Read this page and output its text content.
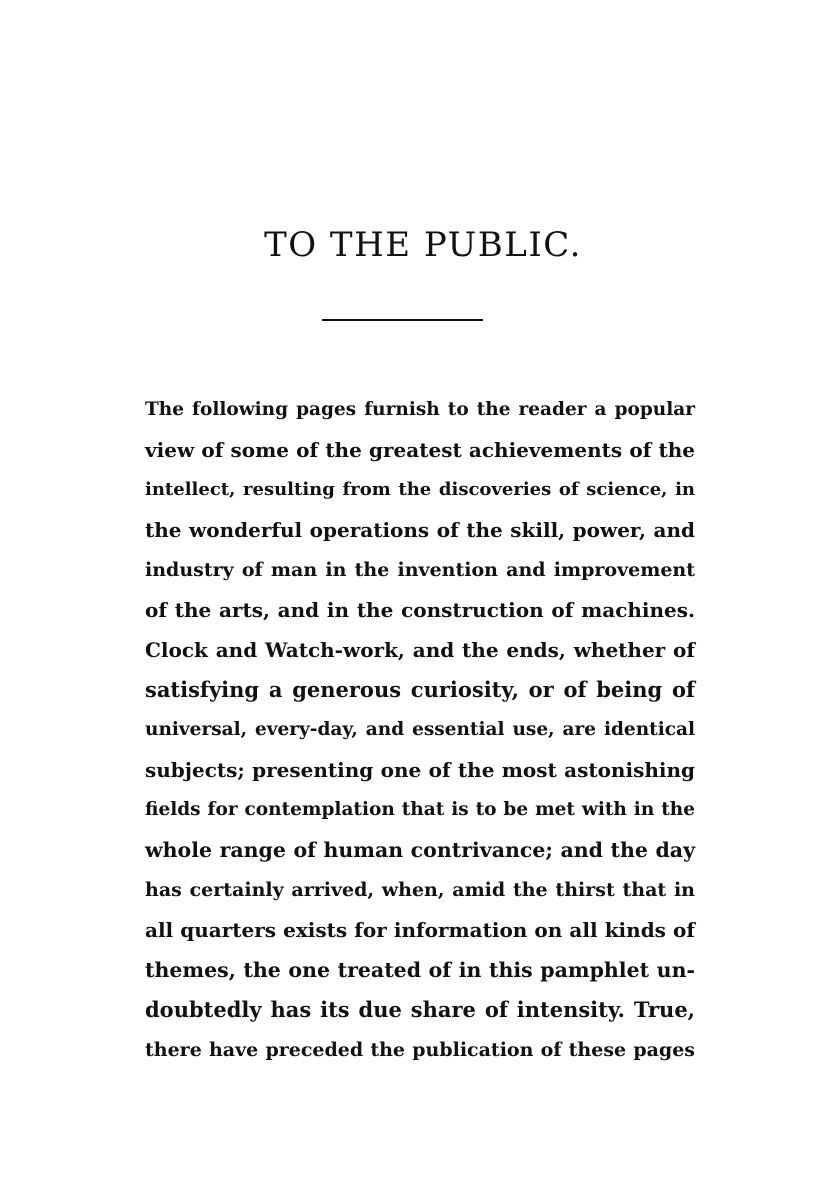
TO THE PUBLIC.
The following pages furnish to the reader a popular
view of some of the greatest achievements of the
intellect, resulting from the discoveries of science, in
the wonderful operations of the skill, power, and
industry of man in the invention and improvement
of the arts, and in the construction of machines.
Clock and Watch-work, and the ends, whether of
satisfying a generous curiosity, or of being of
universal, every-day, and essential use, are identical
subjects; presenting one of the most astonishing
fields for contemplation that is to be met with in the
whole range of human contrivance; and the day
has certainly arrived, when, amid the thirst that in
all quarters exists for information on all kinds of
themes, the one treated of in this pamphlet un-
doubtedly has its due share of intensity. True,
there have preceded the publication of these pages
